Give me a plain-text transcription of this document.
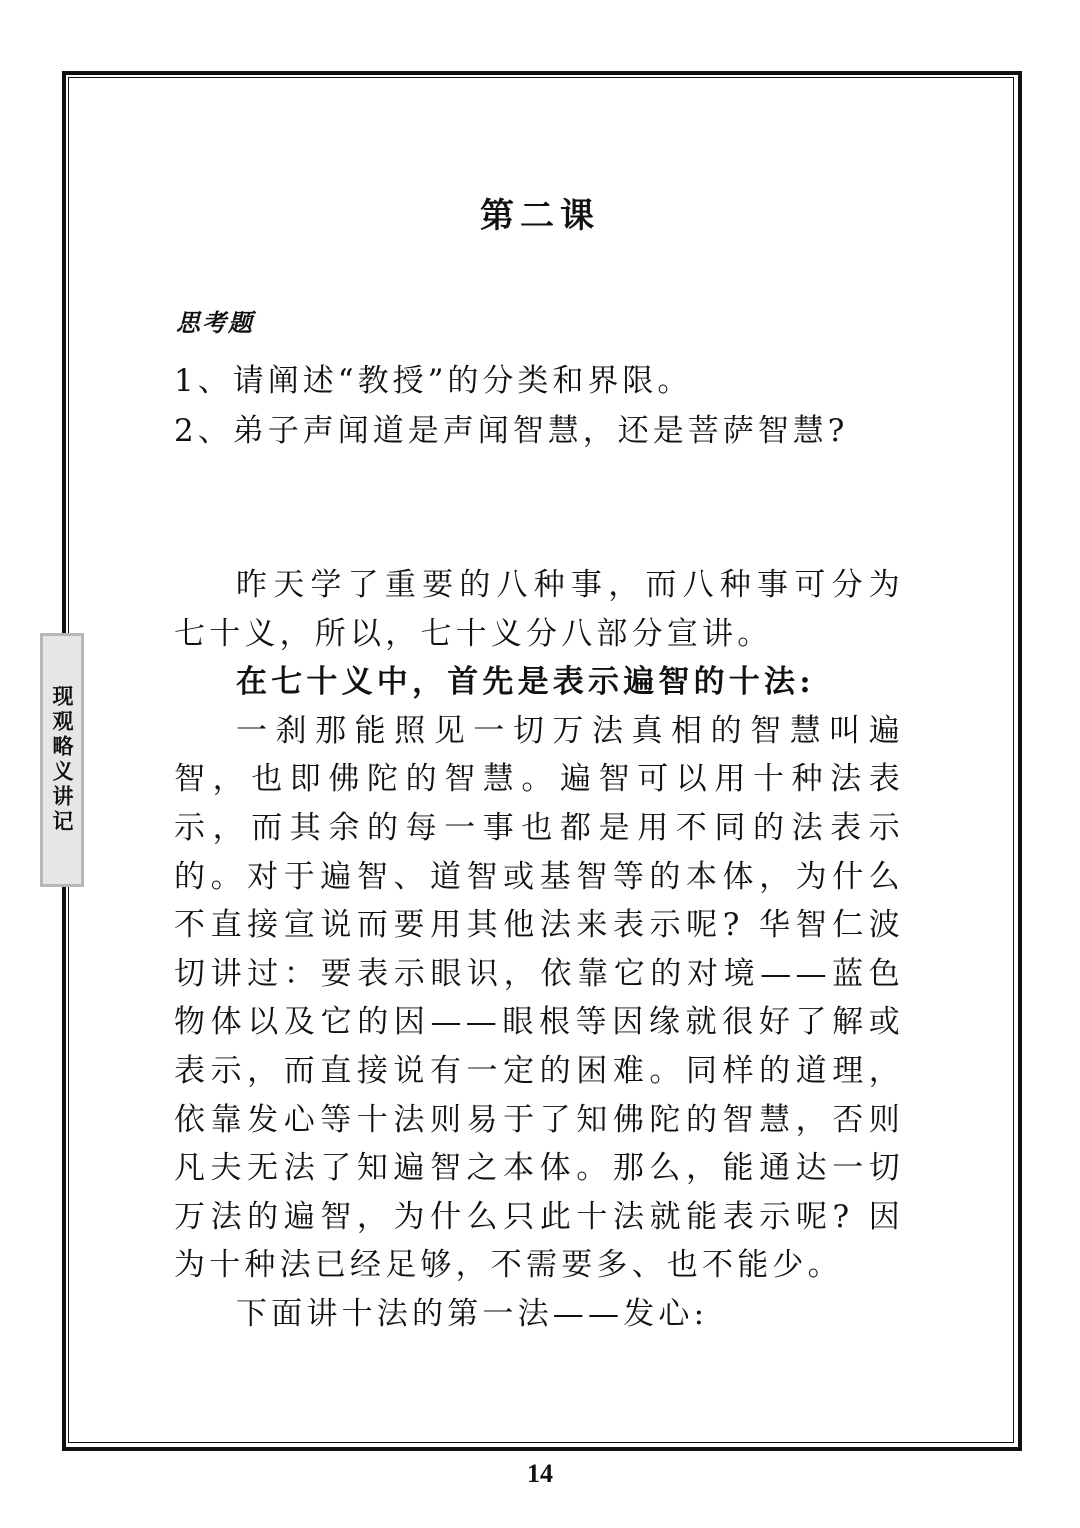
现观略义讲记
第二课
思考题
1、请阐述“教授”的分类和界限。
2、弟子声闻道是声闻智慧，还是菩萨智慧?

昨天学了重要的八种事，而八种事可分为七十义，所以，七十义分八部分宣讲。

在七十义中，首先是表示遍智的十法:

一刹那能照见一切万法真相的智慧叫遍智，也即佛陀的智慧。遍智可以用十种法表示，而其余的每一事也都是用不同的法表示的。对于遍智、道智或基智等的本体，为什么不直接宣说而要用其他法来表示呢? 华智仁波切讲过：要表示眼识，依靠它的对境——蓝色物体以及它的因——眼根等因缘就很好了解或表示，而直接说有一定的困难。同样的道理，依靠发心等十法则易于了知佛陀的智慧，否则凡夫无法了知遍智之本体。那么，能通达一切万法的遍智，为什么只此十法就能表示呢? 因为十种法已经足够，不需要多、也不能少。

下面讲十法的第一法——发心:

14
